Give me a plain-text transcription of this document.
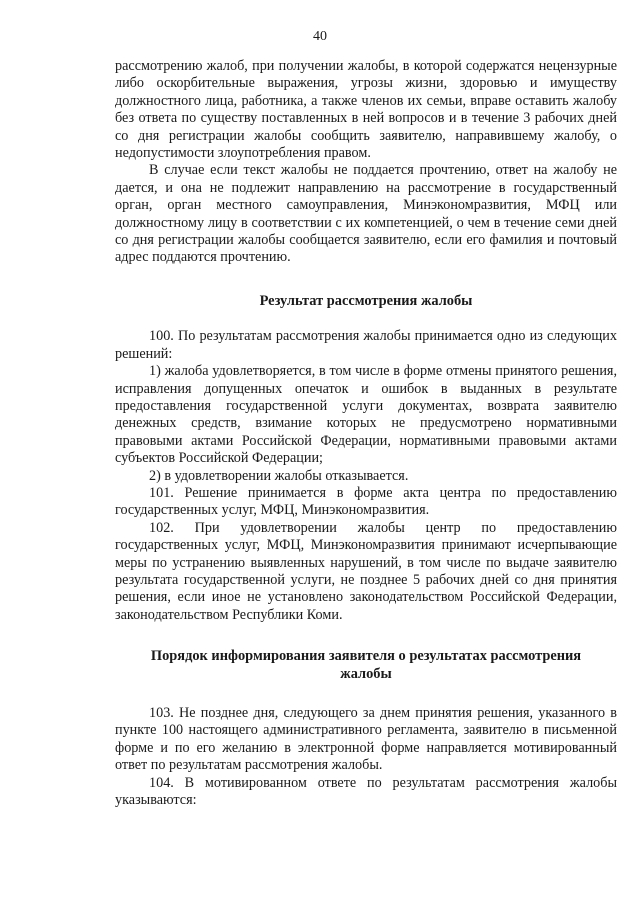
40

рассмотрению жалоб, при получении жалобы, в которой содержатся нецензурные либо оскорбительные выражения, угрозы жизни, здоровью и имуществу должностного лица, работника, а также членов их семьи, вправе оставить жалобу без ответа по существу поставленных в ней вопросов и в течение 3 рабочих дней со дня регистрации жалобы сообщить заявителю, направившему жалобу, о недопустимости злоупотребления правом.

В случае если текст жалобы не поддается прочтению, ответ на жалобу не дается, и она не подлежит направлению на рассмотрение в государственный орган, орган местного самоуправления, Минэкономразвития, МФЦ или должностному лицу в соответствии с их компетенцией, о чем в течение семи дней со дня регистрации жалобы сообщается заявителю, если его фамилия и почтовый адрес поддаются прочтению.

Результат рассмотрения жалобы

100. По результатам рассмотрения жалобы принимается одно из следующих решений:

1) жалоба удовлетворяется, в том числе в форме отмены принятого решения, исправления допущенных опечаток и ошибок в выданных в результате предоставления государственной услуги документах, возврата заявителю денежных средств, взимание которых не предусмотрено нормативными правовыми актами Российской Федерации, нормативными правовыми актами субъектов Российской Федерации;

2) в удовлетворении жалобы отказывается.

101. Решение принимается в форме акта центра по предоставлению государственных услуг, МФЦ, Минэкономразвития.

102. При удовлетворении жалобы центр по предоставлению государственных услуг, МФЦ, Минэкономразвития принимают исчерпывающие меры по устранению выявленных нарушений, в том числе по выдаче заявителю результата государственной услуги, не позднее 5 рабочих дней со дня принятия решения, если иное не установлено законодательством Российской Федерации, законодательством Республики Коми.

Порядок информирования заявителя о результатах рассмотрения
жалобы

103. Не позднее дня, следующего за днем принятия решения, указанного в пункте 100 настоящего административного регламента, заявителю в письменной форме и по его желанию в электронной форме направляется мотивированный ответ по результатам рассмотрения жалобы.

104. В мотивированном ответе по результатам рассмотрения жалобы указываются:
